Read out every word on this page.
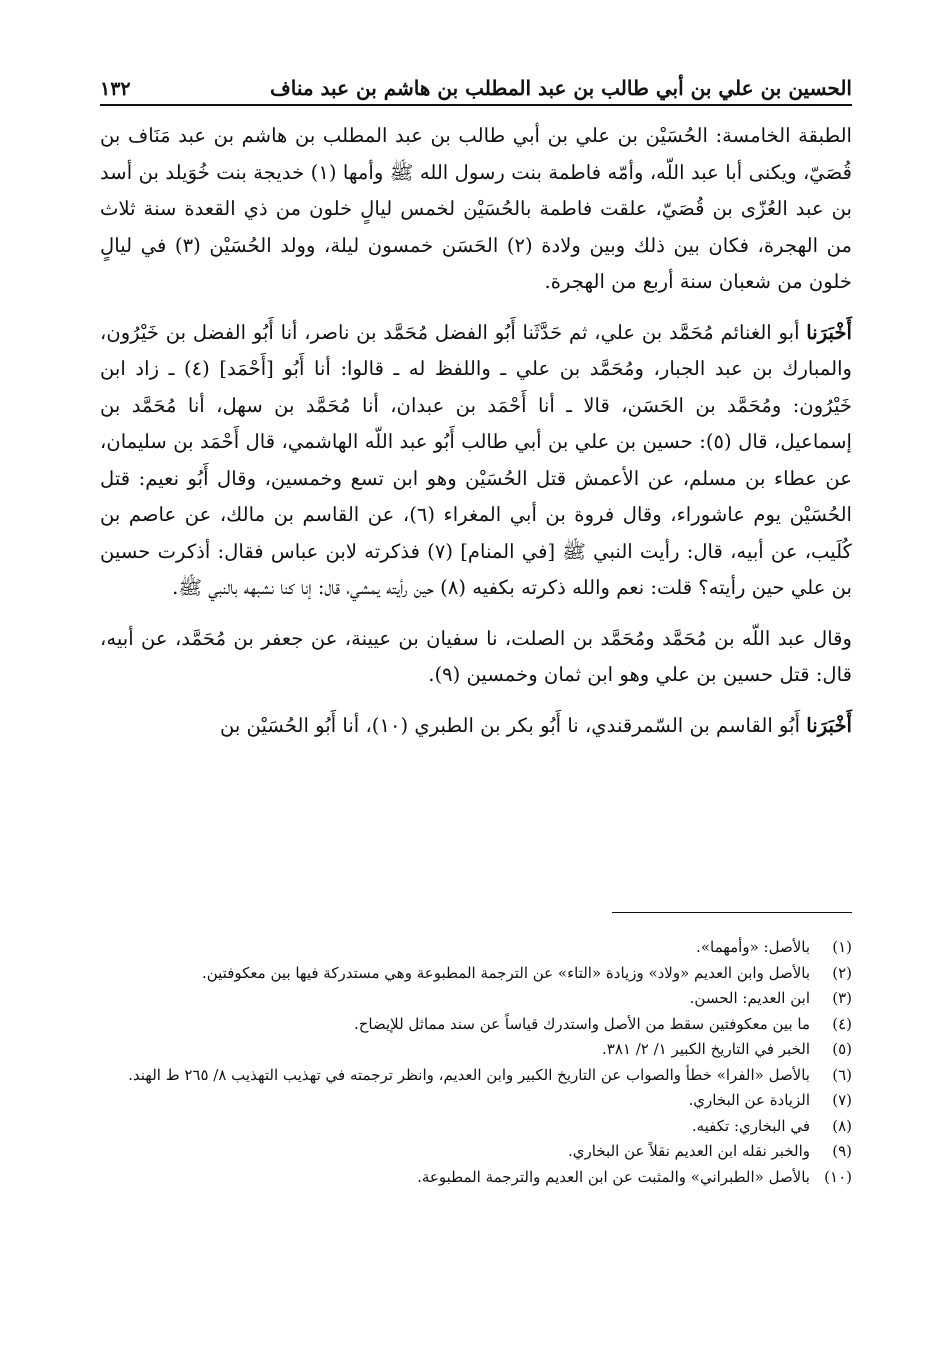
الحسين بن علي بن أبي طالب بن عبد المطلب بن هاشم بن عبد مناف
١٣٢

الطبقة الخامسة: الحُسَيْن بن علي بن أبي طالب بن عبد المطلب بن هاشم بن عبد مَنَاف بن قُصَيّ، ويكنى أبا عبد اللّه، وأمّه فاطمة بنت رسول الله ﷺ وأمها (١) خديجة بنت خُوَيلد بن أسد بن عبد العُزّى بن قُصَيّ، علقت فاطمة بالحُسَيْن لخمس ليالٍ خلون من ذي القعدة سنة ثلاث من الهجرة، فكان بين ذلك وبين ولادة (٢) الحَسَن خمسون ليلة، وولد الحُسَيْن (٣) في ليالٍ خلون من شعبان سنة أربع من الهجرة.

أَخْبَرَنا أبو الغنائم مُحَمَّد بن علي، ثم حَدَّثَنا أَبُو الفضل مُحَمَّد بن ناصر، أنا أَبُو الفضل بن خَيْرُون، والمبارك بن عبد الجبار، ومُحَمَّد بن علي ـ واللفظ له ـ قالوا: أنا أَبُو [أَحْمَد] (٤) ـ زاد ابن خَيْرُون: ومُحَمَّد بن الحَسَن، قالا ـ أنا أَحْمَد بن عبدان، أنا مُحَمَّد بن سهل، أنا مُحَمَّد بن إسماعيل، قال (٥): حسين بن علي بن أبي طالب أَبُو عبد اللّه الهاشمي، قال أَحْمَد بن سليمان، عن عطاء بن مسلم، عن الأعمش قتل الحُسَيْن وهو ابن تسع وخمسين، وقال أَبُو نعيم: قتل الحُسَيْن يوم عاشوراء، وقال فروة بن أبي المغراء (٦)، عن القاسم بن مالك، عن عاصم بن كُلَيب، عن أبيه، قال: رأيت النبي ﷺ [في المنام] (٧) فذكرته لابن عباس فقال: أذكرت حسين بن علي حين رأيته؟ قلت: نعم والله ذكرته بكفيه (٨) حين رأيته يمشي، قال: إنا كنا نشبهه بالنبي ﷺ.

وقال عبد اللّه بن مُحَمَّد ومُحَمَّد بن الصلت، نا سفيان بن عيينة، عن جعفر بن مُحَمَّد، عن أبيه، قال: قتل حسين بن علي وهو ابن ثمان وخمسين (٩).

أَخْبَرَنا أَبُو القاسم بن السّمرقندي، نا أَبُو بكر بن الطبري (١٠)، أنا أَبُو الحُسَيْن بن

(١)
بالأصل: «وأمهما».
(٢)
بالأصل وابن العديم «ولاد» وزيادة «التاء» عن الترجمة المطبوعة وهي مستدركة فيها بين معكوفتين.
(٣)
ابن العديم: الحسن.
(٤)
ما بين معكوفتين سقط من الأصل واستدرك قياساً عن سند مماثل للإيضاح.
(٥)
الخبر في التاريخ الكبير ١/ ٢/ ٣٨١.
(٦)
بالأصل «الفرا» خطأ والصواب عن التاريخ الكبير وابن العديم، وانظر ترجمته في تهذيب التهذيب ٨/ ٢٦٥ ط الهند.
(٧)
الزيادة عن البخاري.
(٨)
في البخاري: تكفيه.
(٩)
والخبر نقله ابن العديم نقلاً عن البخاري.
(١٠)
بالأصل «الطبراني» والمثبت عن ابن العديم والترجمة المطبوعة.
